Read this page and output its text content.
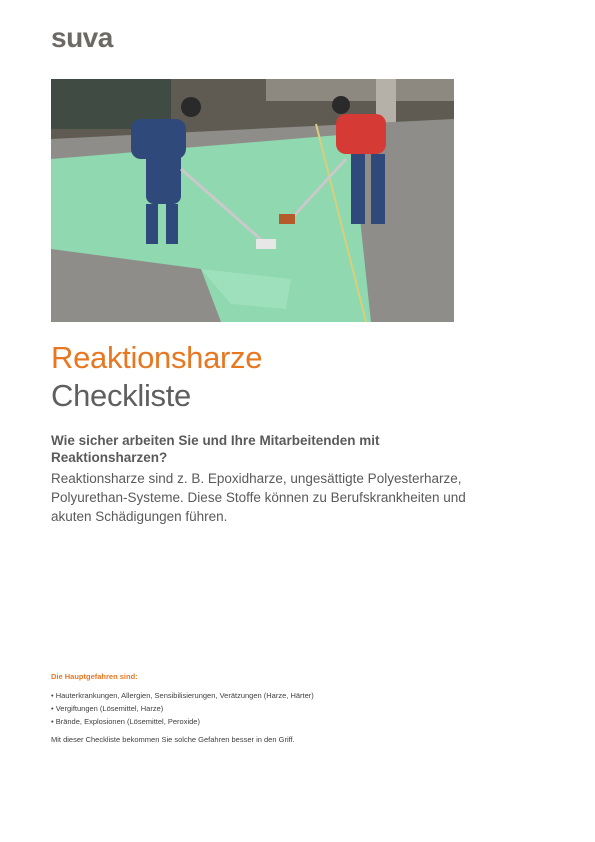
suva
Reaktionsharze
Checkliste
Wie sicher arbeiten Sie und Ihre Mitarbeitenden mit Reaktionsharzen?
Reaktionsharze sind z. B. Epoxidharze, ungesättigte Polyesterharze, Polyurethan-Systeme. Diese Stoffe können zu Berufskrankheiten und akuten Schädigungen führen.
Die Hauptgefahren sind:
• Hauterkrankungen, Allergien, Sensibilisierungen, Verätzungen (Harze, Härter)
• Vergiftungen (Lösemittel, Harze)
• Brände, Explosionen (Lösemittel, Peroxide)
Mit dieser Checkliste bekommen Sie solche Gefahren besser in den Griff.
